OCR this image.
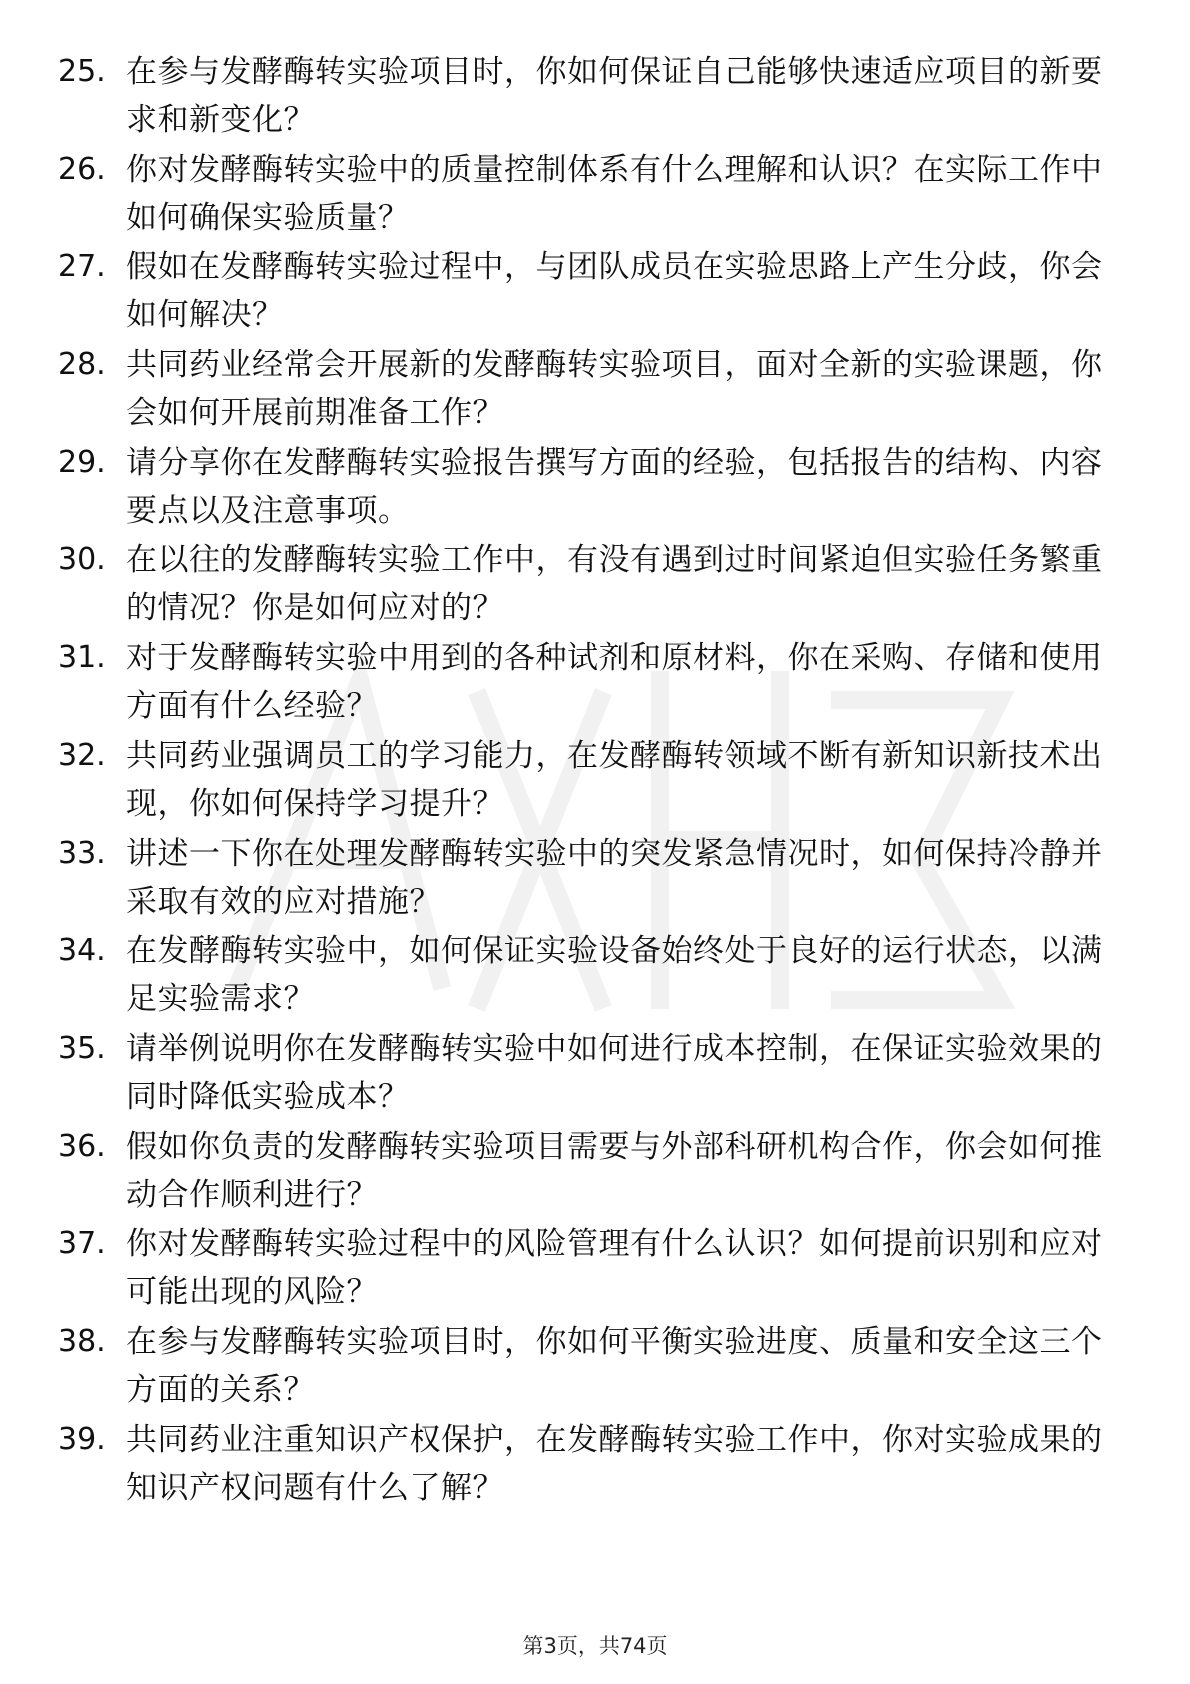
25. 在参与发酵酶转实验项目时，你如何保证自己能够快速适应项目的新要求和新变化？
26. 你对发酵酶转实验中的质量控制体系有什么理解和认识？在实际工作中如何确保实验质量？
27. 假如在发酵酶转实验过程中，与团队成员在实验思路上产生分歧，你会如何解决？
28. 共同药业经常会开展新的发酵酶转实验项目，面对全新的实验课题，你会如何开展前期准备工作？
29. 请分享你在发酵酶转实验报告撰写方面的经验，包括报告的结构、内容要点以及注意事项。
30. 在以往的发酵酶转实验工作中，有没有遇到过时间紧迫但实验任务繁重的情况？你是如何应对的？
31. 对于发酵酶转实验中用到的各种试剂和原材料，你在采购、存储和使用方面有什么经验？
32. 共同药业强调员工的学习能力，在发酵酶转领域不断有新知识新技术出现，你如何保持学习提升？
33. 讲述一下你在处理发酵酶转实验中的突发紧急情况时，如何保持冷静并采取有效的应对措施？
34. 在发酵酶转实验中，如何保证实验设备始终处于良好的运行状态，以满足实验需求？
35. 请举例说明你在发酵酶转实验中如何进行成本控制，在保证实验效果的同时降低实验成本？
36. 假如你负责的发酵酶转实验项目需要与外部科研机构合作，你会如何推动合作顺利进行？
37. 你对发酵酶转实验过程中的风险管理有什么认识？如何提前识别和应对可能出现的风险？
38. 在参与发酵酶转实验项目时，你如何平衡实验进度、质量和安全这三个方面的关系？
39. 共同药业注重知识产权保护，在发酵酶转实验工作中，你对实验成果的知识产权问题有什么了解？
第3页，共74页
